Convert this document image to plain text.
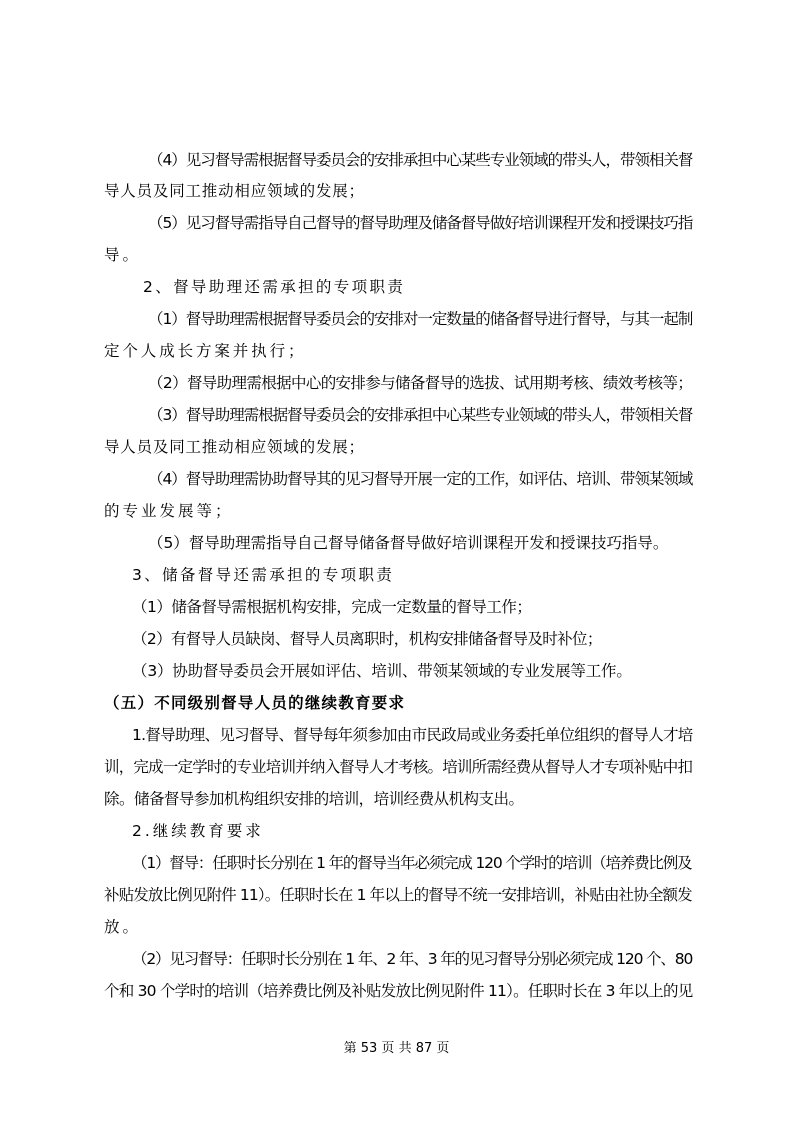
（4）见习督导需根据督导委员会的安排承担中心某些专业领域的带头人，带领相关督
导人员及同工推动相应领域的发展；
（5）见习督导需指导自己督导的督导助理及储备督导做好培训课程开发和授课技巧指
导。
2、督导助理还需承担的专项职责
（1）督导助理需根据督导委员会的安排对一定数量的储备督导进行督导，与其一起制
定个人成长方案并执行；
（2）督导助理需根据中心的安排参与储备督导的选拔、试用期考核、绩效考核等；
（3）督导助理需根据督导委员会的安排承担中心某些专业领域的带头人，带领相关督
导人员及同工推动相应领域的发展；
（4）督导助理需协助督导其的见习督导开展一定的工作，如评估、培训、带领某领域
的专业发展等；
（5）督导助理需指导自己督导储备督导做好培训课程开发和授课技巧指导。
3、储备督导还需承担的专项职责
（1）储备督导需根据机构安排，完成一定数量的督导工作；
（2）有督导人员缺岗、督导人员离职时，机构安排储备督导及时补位；
（3）协助督导委员会开展如评估、培训、带领某领域的专业发展等工作。
（五）不同级别督导人员的继续教育要求
1.督导助理、见习督导、督导每年须参加由市民政局或业务委托单位组织的督导人才培
训，完成一定学时的专业培训并纳入督导人才考核。培训所需经费从督导人才专项补贴中扣
除。储备督导参加机构组织安排的培训，培训经费从机构支出。
2.继续教育要求
（1）督导：任职时长分别在 1 年的督导当年必须完成 120 个学时的培训（培养费比例及
补贴发放比例见附件 11）。任职时长在 1 年以上的督导不统一安排培训，补贴由社协全额发
放。
（2）见习督导：任职时长分别在 1 年、2 年、3 年的见习督导分别必须完成 120 个、80
个和 30 个学时的培训（培养费比例及补贴发放比例见附件 11）。任职时长在 3 年以上的见
第 53 页 共 87 页
